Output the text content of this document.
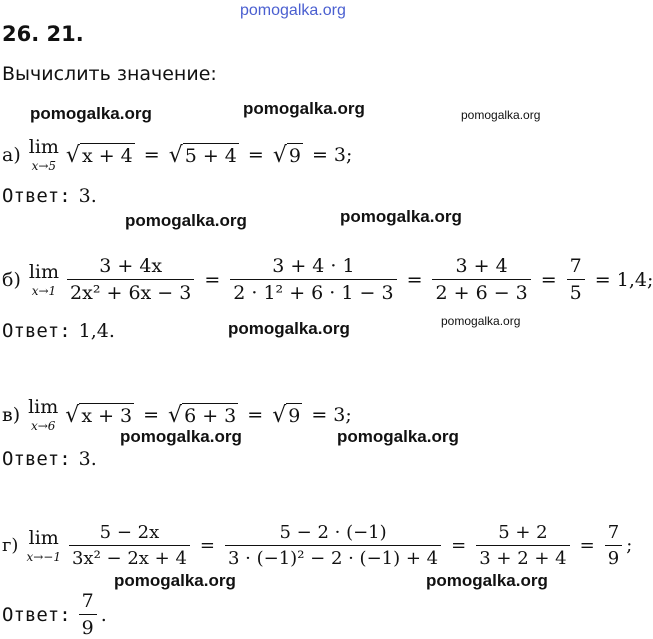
pomogalka.org
pomogalka.org	pomogalka.org	pomogalka.org
pomogalka.org	pomogalka.org
pomogalka.org	pomogalka.org
pomogalka.org	pomogalka.org
pomogalka.org	pomogalka.org
26. 21.
Вычислить значение:
а) lim
x→5 √ x + 4 = √ 5 + 4 = √ 9 = 3;
Ответ: 3.
б) lim
$x\to 1 \frac{3 + 4x}{\text{2x² + 6x − 3}} = \frac{3 + 4 \cdot 1}{\text{2 · 1² + 6 · 1 − 3}} = \frac{3 + 4}{2 + 6 - 3} = \frac{7}{5} = 1,4$;
Ответ: 1,4.
в) lim
x→6 √ x + 3 = √ 6 + 3 = √ 9 = 3;
Ответ: 3.
г) lim
$x\to-1 \frac{5 - 2x}{\text{3x² − 2x + 4}} = \frac{5 - 2 \cdot (-1)}{\text{3 · (−1)² − 2 · (−1) + 4}} = \frac{5 + 2}{3 + 2 + 4} = \frac{7}{9}$ ;
Ответ: $\frac{7}{9}$ .
